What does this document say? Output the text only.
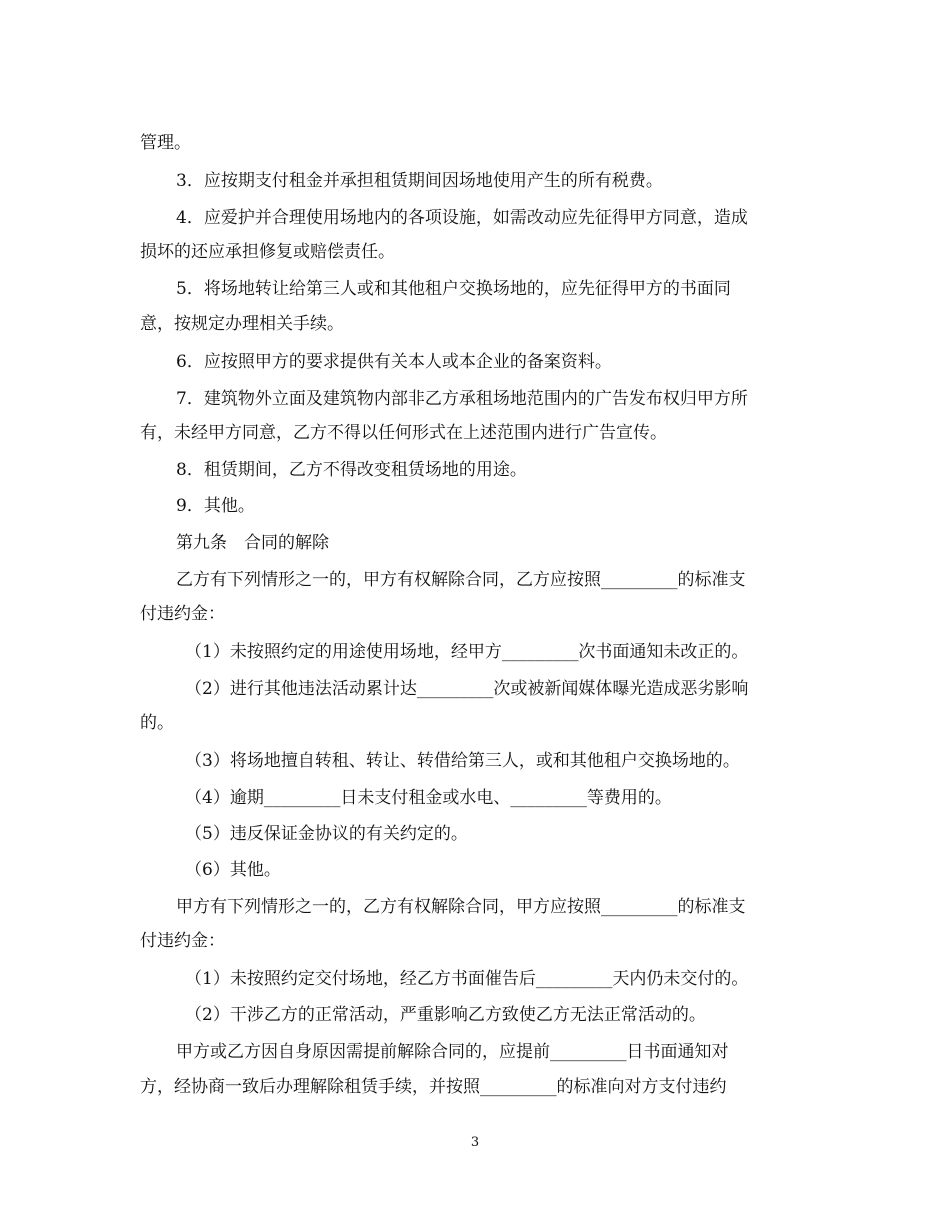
管理。
3．应按期支付租金并承担租赁期间因场地使用产生的所有税费。
4．应爱护并合理使用场地内的各项设施，如需改动应先征得甲方同意，造成
损坏的还应承担修复或赔偿责任。
5．将场地转让给第三人或和其他租户交换场地的，应先征得甲方的书面同
意，按规定办理相关手续。
6．应按照甲方的要求提供有关本人或本企业的备案资料。
7．建筑物外立面及建筑物内部非乙方承租场地范围内的广告发布权归甲方所
有，未经甲方同意，乙方不得以任何形式在上述范围内进行广告宣传。
8．租赁期间，乙方不得改变租赁场地的用途。
9．其他。
第九条　合同的解除
乙方有下列情形之一的，甲方有权解除合同，乙方应按照_________的标准支
付违约金：
（1）未按照约定的用途使用场地，经甲方_________次书面通知未改正的。
（2）进行其他违法活动累计达_________次或被新闻媒体曝光造成恶劣影响
的。
（3）将场地擅自转租、转让、转借给第三人，或和其他租户交换场地的。
（4）逾期_________日未支付租金或水电、_________等费用的。
（5）违反保证金协议的有关约定的。
（6）其他。
甲方有下列情形之一的，乙方有权解除合同，甲方应按照_________的标准支
付违约金：
（1）未按照约定交付场地，经乙方书面催告后_________天内仍未交付的。
（2）干涉乙方的正常活动，严重影响乙方致使乙方无法正常活动的。
甲方或乙方因自身原因需提前解除合同的，应提前_________日书面通知对
方，经协商一致后办理解除租赁手续，并按照_________的标准向对方支付违约
3
